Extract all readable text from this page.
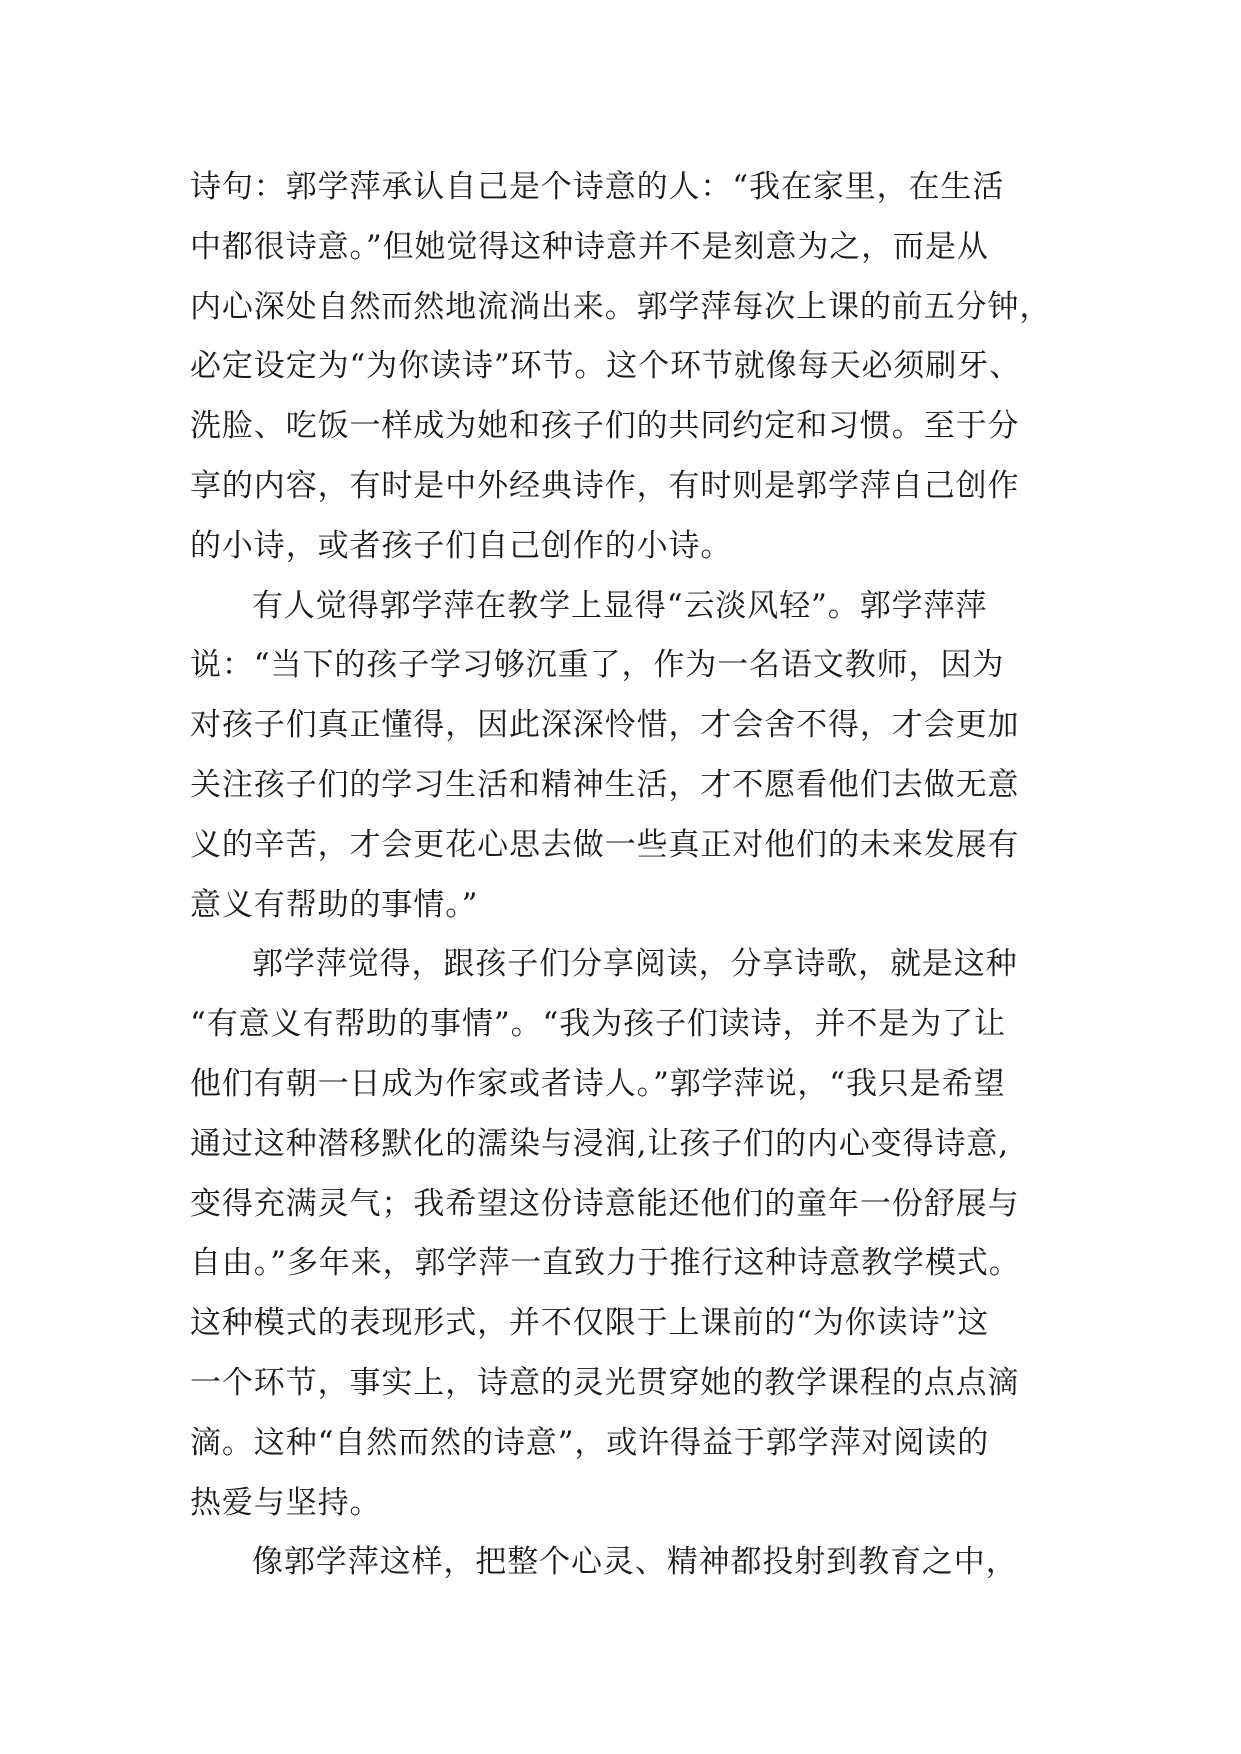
诗句：郭学萍承认自己是个诗意的人：“我在家里，在生活
中都很诗意。”但她觉得这种诗意并不是刻意为之，而是从
内心深处自然而然地流淌出来。郭学萍每次上课的前五分钟，
必定设定为“为你读诗”环节。这个环节就像每天必须刷牙、
洗脸、吃饭一样成为她和孩子们的共同约定和习惯。至于分
享的内容，有时是中外经典诗作，有时则是郭学萍自己创作
的小诗，或者孩子们自己创作的小诗。
有人觉得郭学萍在教学上显得“云淡风轻”。郭学萍萍
说：“当下的孩子学习够沉重了，作为一名语文教师，因为
对孩子们真正懂得，因此深深怜惜，才会舍不得，才会更加
关注孩子们的学习生活和精神生活，才不愿看他们去做无意
义的辛苦，才会更花心思去做一些真正对他们的未来发展有
意义有帮助的事情。”
郭学萍觉得，跟孩子们分享阅读，分享诗歌，就是这种
“有意义有帮助的事情”。“我为孩子们读诗，并不是为了让
他们有朝一日成为作家或者诗人。”郭学萍说，“我只是希望
通过这种潜移默化的濡染与浸润,让孩子们的内心变得诗意,
变得充满灵气；我希望这份诗意能还他们的童年一份舒展与
自由。”多年来，郭学萍一直致力于推行这种诗意教学模式。
这种模式的表现形式，并不仅限于上课前的“为你读诗”这
一个环节，事实上，诗意的灵光贯穿她的教学课程的点点滴
滴。这种“自然而然的诗意”，或许得益于郭学萍对阅读的
热爱与坚持。
像郭学萍这样，把整个心灵、精神都投射到教育之中，
